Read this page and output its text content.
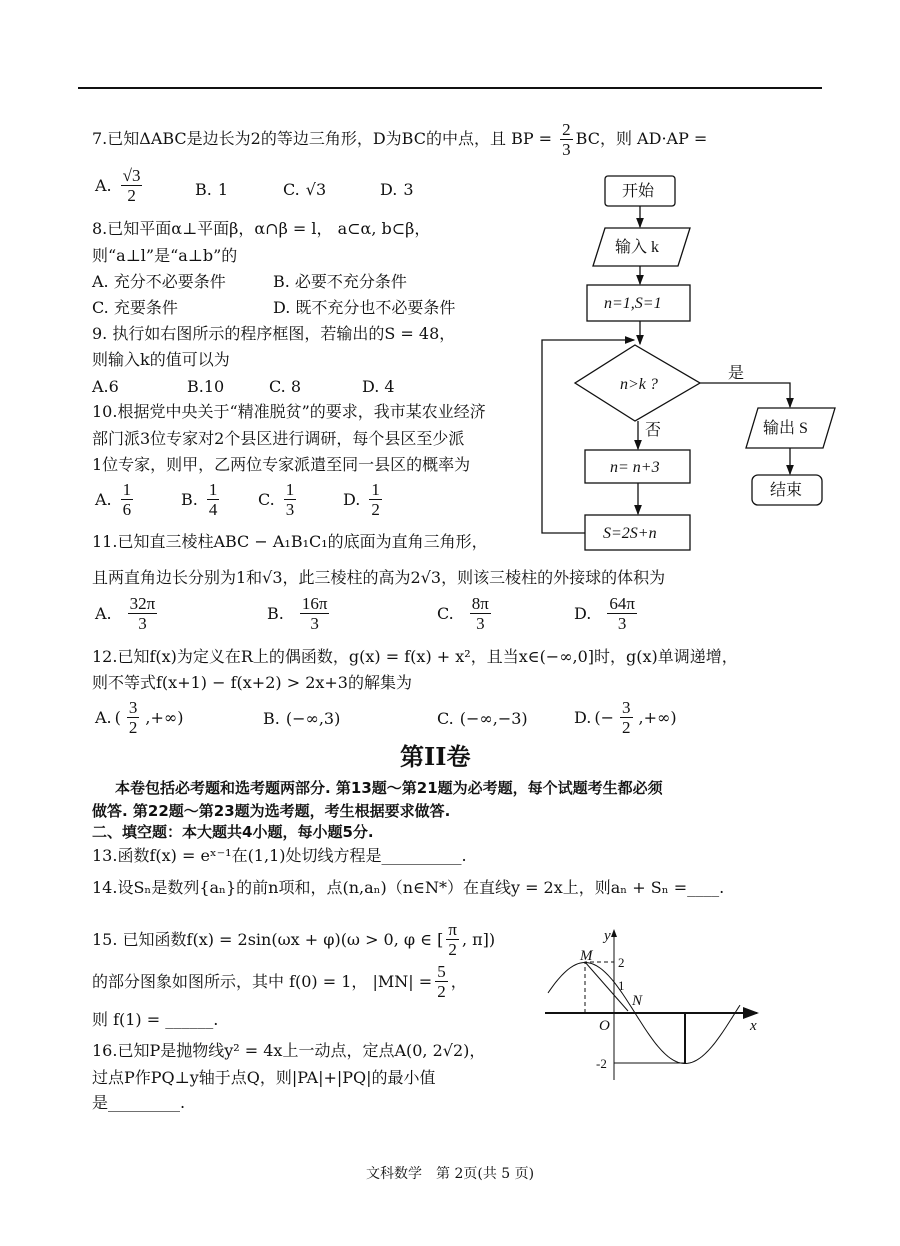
7.已知ΔABC是边长为2的等边三角形，D为BC的中点，且 BP = $\frac{2}{3}$ BC，则 AD·AP =
A. $\frac{√3}{2}$	B. 1	C. √3	D. 3
8.已知平面α⊥平面β，α∩β = l， a⊂α, b⊂β，
则“a⊥l”是“a⊥b”的
A. 充分不必要条件	B. 必要不充分条件
C. 充要条件	D. 既不充分也不必要条件
9. 执行如右图所示的程序框图，若输出的S = 48，
则输入k的值可以为
A.6	B.10	C. 8	D. 4
10.根据党中央关于“精准脱贫”的要求，我市某农业经济
部门派3位专家对2个县区进行调研，每个县区至少派
1位专家，则甲，乙两位专家派遣至同一县区的概率为
A. $\frac{1}{6}$	B. $\frac{1}{4} C$. $\frac{1}{3}$	D. $\frac{1}{2}$
11.已知直三棱柱ABC − A₁B₁C₁的底面为直角三角形，
且两直角边长分别为1和√3，此三棱柱的高为2√3，则该三棱柱的外接球的体积为
A. $\frac{32\pi}{3}$	B. $\frac{16\pi}{3}$	C. $\frac{8\pi}{3}$	D. $\frac{64\pi}{3}$
12.已知f(x)为定义在R上的偶函数，g(x) = f(x) + x²，且当x∈(−∞,0]时，g(x)单调递增，
则不等式f(x+1) − f(x+2) > 2x+3的解集为
A. ( $\frac{3}{2}$ ,+∞)	B. (−∞,3)	C. (−∞,−3)	D. (− $\frac{3}{2}$ ,+∞)
第II卷
本卷包括必考题和选考题两部分. 第13题～第21题为必考题，每个试题考生都必须
做答. 第22题～第23题为选考题，考生根据要求做答.
二、填空题：本大题共4小题，每小题5分.
13.函数f(x) = eˣ⁻¹在(1,1)处切线方程是__________.
14.设Sₙ是数列{aₙ}的前n项和，点(n,aₙ)（n∈N*）在直线y = 2x上，则aₙ + Sₙ =____.
15. 已知函数f(x) = 2sin(ωx + φ)(ω > 0, φ ∈ [ $\frac{\pi}{2}$ , π])
的部分图象如图所示，其中 f(0) = 1， $|MN| = \frac{5}{2}$ ，
则 f(1) = ______.
16.已知P是抛物线y² = 4x上一动点，定点A(0, 2√2)，
过点P作PQ⊥y轴于点Q，则|PA|+|PQ|的最小值
是_________.
文科数学　第 2页(共 5 页)
开始
输入 k
n=1,S=1
n>k ?
是
否	输出 S
结束
n= n+3
S=2S+n
y
x
O
M
N
2
1
-2
